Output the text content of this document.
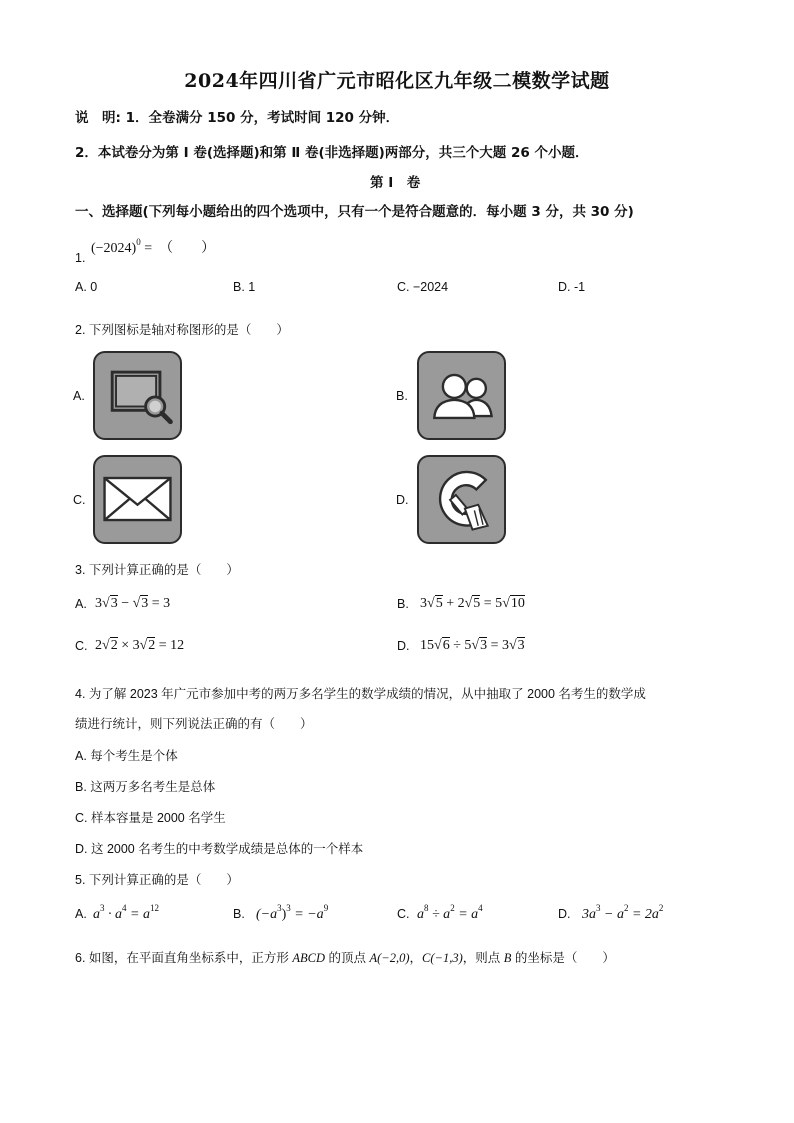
2024年四川省广元市昭化区九年级二模数学试题
说　明: 1．全卷满分 150 分，考试时间 120 分钟．
2．本试卷分为第 Ⅰ 卷(选择题)和第 Ⅱ 卷(非选择题)两部分，共三个大题 26 个小题．
第 Ⅰ　卷
一、选择题(下列每小题给出的四个选项中，只有一个是符合题意的．每小题 3 分，共 30 分)
1.
$(-2024)^0$ =　（　　）
A. 0	B. 1	C. −2024	D. -1
2. 下列图标是轴对称图形的是（　　）
A.	B.
C.	D.
3. 下列计算正确的是（　　）
A. 3√3 − √3 = 3	B. 3√5 + 2√5 = 5√10
C. 2√2 × 3√2 = 12	D. 15√6 ÷ 5√3 = 3√3
4. 为了解 2023 年广元市参加中考的两万多名学生的数学成绩的情况，从中抽取了 2000 名考生的数学成
绩进行统计，则下列说法正确的有（　　）
A. 每个考生是个体
B. 这两万多名考生是总体
C. 样本容量是 2000 名学生
D. 这 2000 名考生的中考数学成绩是总体的一个样本
5. 下列计算正确的是（　　）
A. $a^3 \cdot a^4 = a^{12}$	B. $(-a^3)^3 = -a^9$	C. $a^8 \div a^2 = a^4$	D. $3a^3 - a^2 = 2a^2$
6. 如图，在平面直角坐标系中，正方形 ABCD 的顶点 A(−2,0)，C(−1,3)，则点 B 的坐标是（　　）
